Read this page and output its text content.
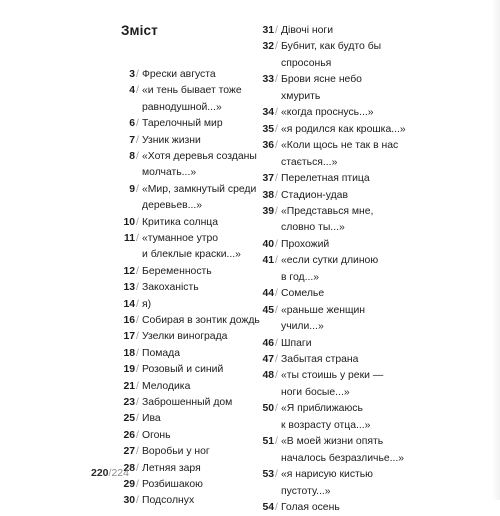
Зміст
3 / Фрески августа
4 / «и тень бывает тоже
равнодушной...»
6 / Тарелочный мир
7 / Узник жизни
8 / «Хотя деревья созданы
молчать...»
9 / «Мир, замкнутый среди
деревьев...»
10 / Критика солнца
11 / «туманное утро
и блеклые краски...»
12 / Беременность
13 / Закоханість
14 / я)
16 / Собирая в зонтик дождь
17 / Узелки винограда
18 / Помада
19 / Розовый и синий
21 / Мелодика
23 / Заброшенный дом
25 / Ива
26 / Огонь
27 / Воробьи у ног
28 / Летняя заря
29 / Розбишакою
30 / Подсолнух
31 / Дівочі ноги
32 / Бубнит, как будто бы
спросонья
33 / Брови ясне небо
хмурить
34 / «когда проснусь...»
35 / «я родился как крошка...»
36 / «Коли щось не так в нас
стається...»
37 / Перелетная птица
38 / Стадион-удав
39 / «Представься мне,
словно ты...»
40 / Прохожий
41 / «если сутки длиною
в год...»
44 / Сомелье
45 / «раньше женщин
учили...»
46 / Шпаги
47 / Забытая страна
48 / «ты стоишь у реки —
ноги босые...»
50 / «Я приближаюсь
к возрасту отца...»
51 / «В моей жизни опять
началось безразличье...»
53 / «я нарисую кистью
пустоту...»
54 / Голая осень
220/224
